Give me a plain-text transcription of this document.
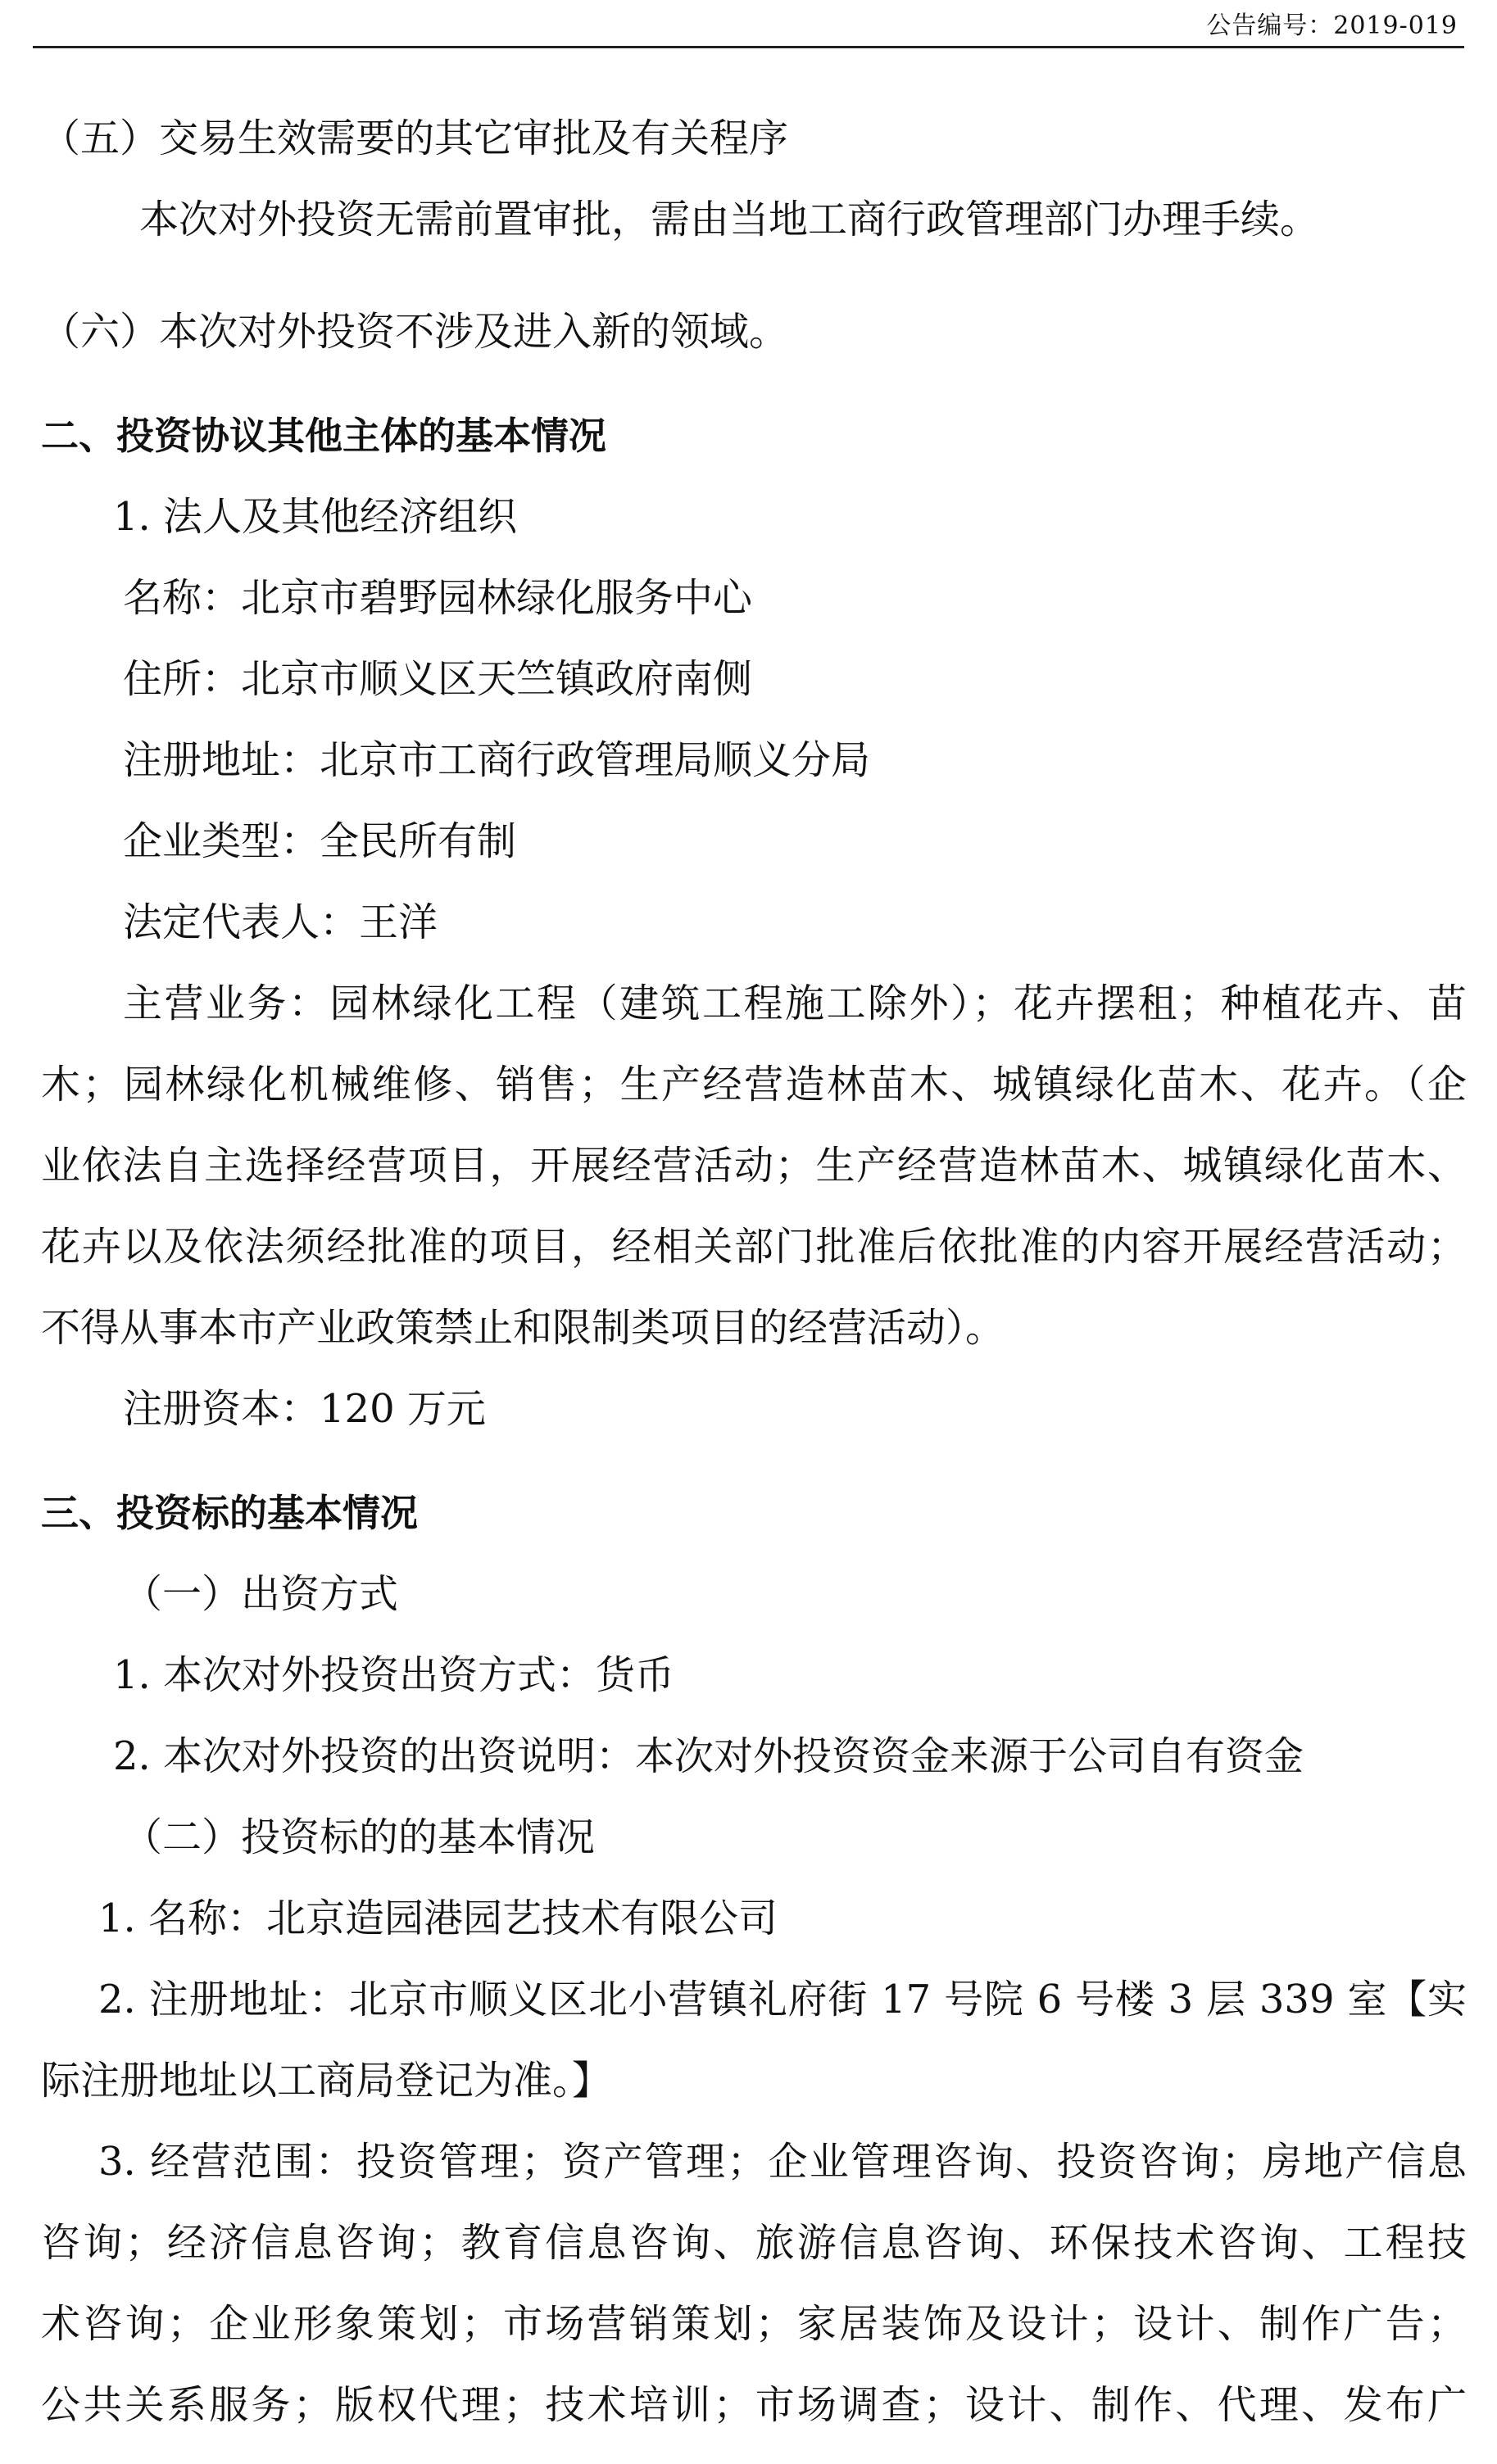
公告编号：2019-019
（五）交易生效需要的其它审批及有关程序
本次对外投资无需前置审批，需由当地工商行政管理部门办理手续。
（六）本次对外投资不涉及进入新的领域。
二、投资协议其他主体的基本情况
1. 法人及其他经济组织
名称：北京市碧野园林绿化服务中心
住所：北京市顺义区天竺镇政府南侧
注册地址：北京市工商行政管理局顺义分局
企业类型：全民所有制
法定代表人：王洋
主营业务：园林绿化工程（建筑工程施工除外）；花卉摆租；种植花卉、苗
木；园林绿化机械维修、销售；生产经营造林苗木、城镇绿化苗木、花卉。（企
业依法自主选择经营项目，开展经营活动；生产经营造林苗木、城镇绿化苗木、
花卉以及依法须经批准的项目，经相关部门批准后依批准的内容开展经营活动；
不得从事本市产业政策禁止和限制类项目的经营活动）。
注册资本：120 万元
三、投资标的基本情况
（一）出资方式
1. 本次对外投资出资方式：货币
2. 本次对外投资的出资说明：本次对外投资资金来源于公司自有资金
（二）投资标的的基本情况
1. 名称：北京造园港园艺技术有限公司
2. 注册地址：北京市顺义区北小营镇礼府街 17 号院 6 号楼 3 层 339 室【实
际注册地址以工商局登记为准。】
3. 经营范围：投资管理；资产管理；企业管理咨询、投资咨询；房地产信息
咨询；经济信息咨询；教育信息咨询、旅游信息咨询、环保技术咨询、工程技
术咨询；企业形象策划；市场营销策划；家居装饰及设计；设计、制作广告；
公共关系服务；版权代理；技术培训；市场调查；设计、制作、代理、发布广
